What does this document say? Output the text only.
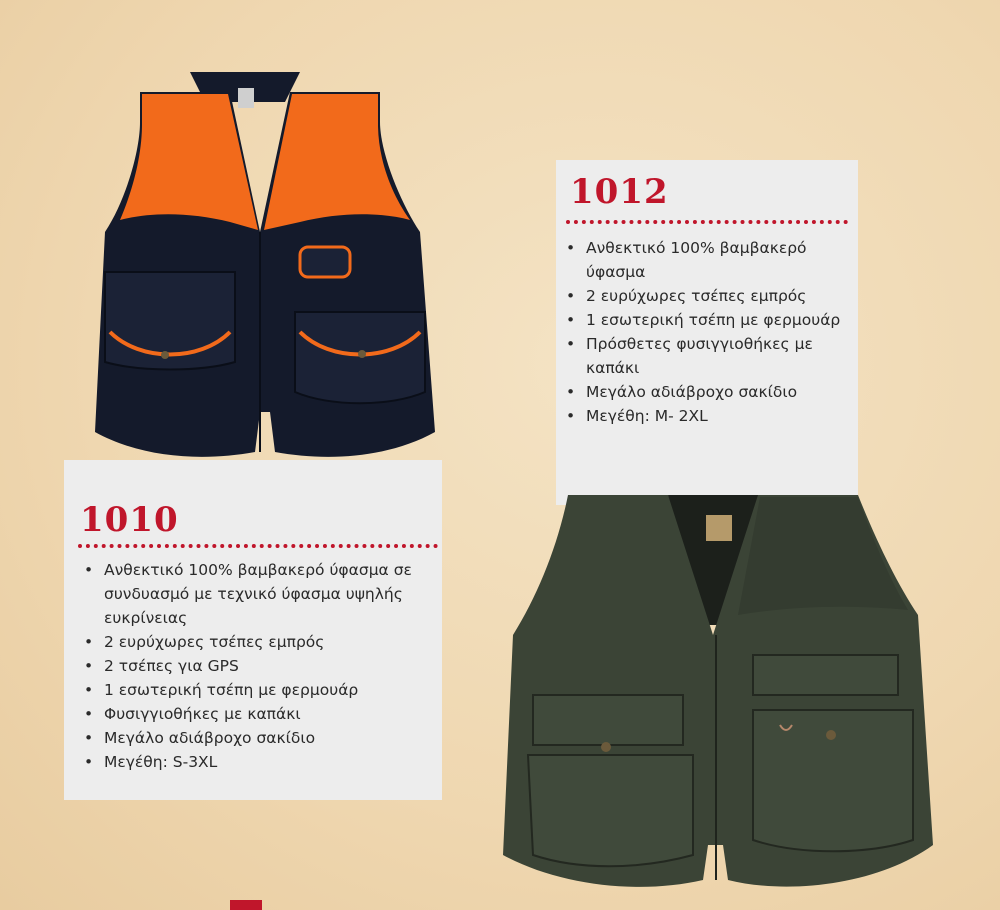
1012
• Ανθεκτικό 100% βαμβακερό ύφασμα
• 2 ευρύχωρες τσέπες εμπρός
• 1 εσωτερική τσέπη με φερμουάρ
• Πρόσθετες φυσιγγιοθήκες με καπάκι
• Μεγάλο αδιάβροχο σακίδιο
• Μεγέθη: M- 2XL
1010
• Ανθεκτικό 100% βαμβακερό ύφασμα σε συνδυασμό με τεχνικό ύφασμα υψηλής ευκρίνειας
• 2 ευρύχωρες τσέπες εμπρός
• 2 τσέπες για GPS
• 1 εσωτερική τσέπη με φερμουάρ
• Φυσιγγιοθήκες με καπάκι
• Μεγάλο αδιάβροχο σακίδιο
• Μεγέθη: S-3XL
